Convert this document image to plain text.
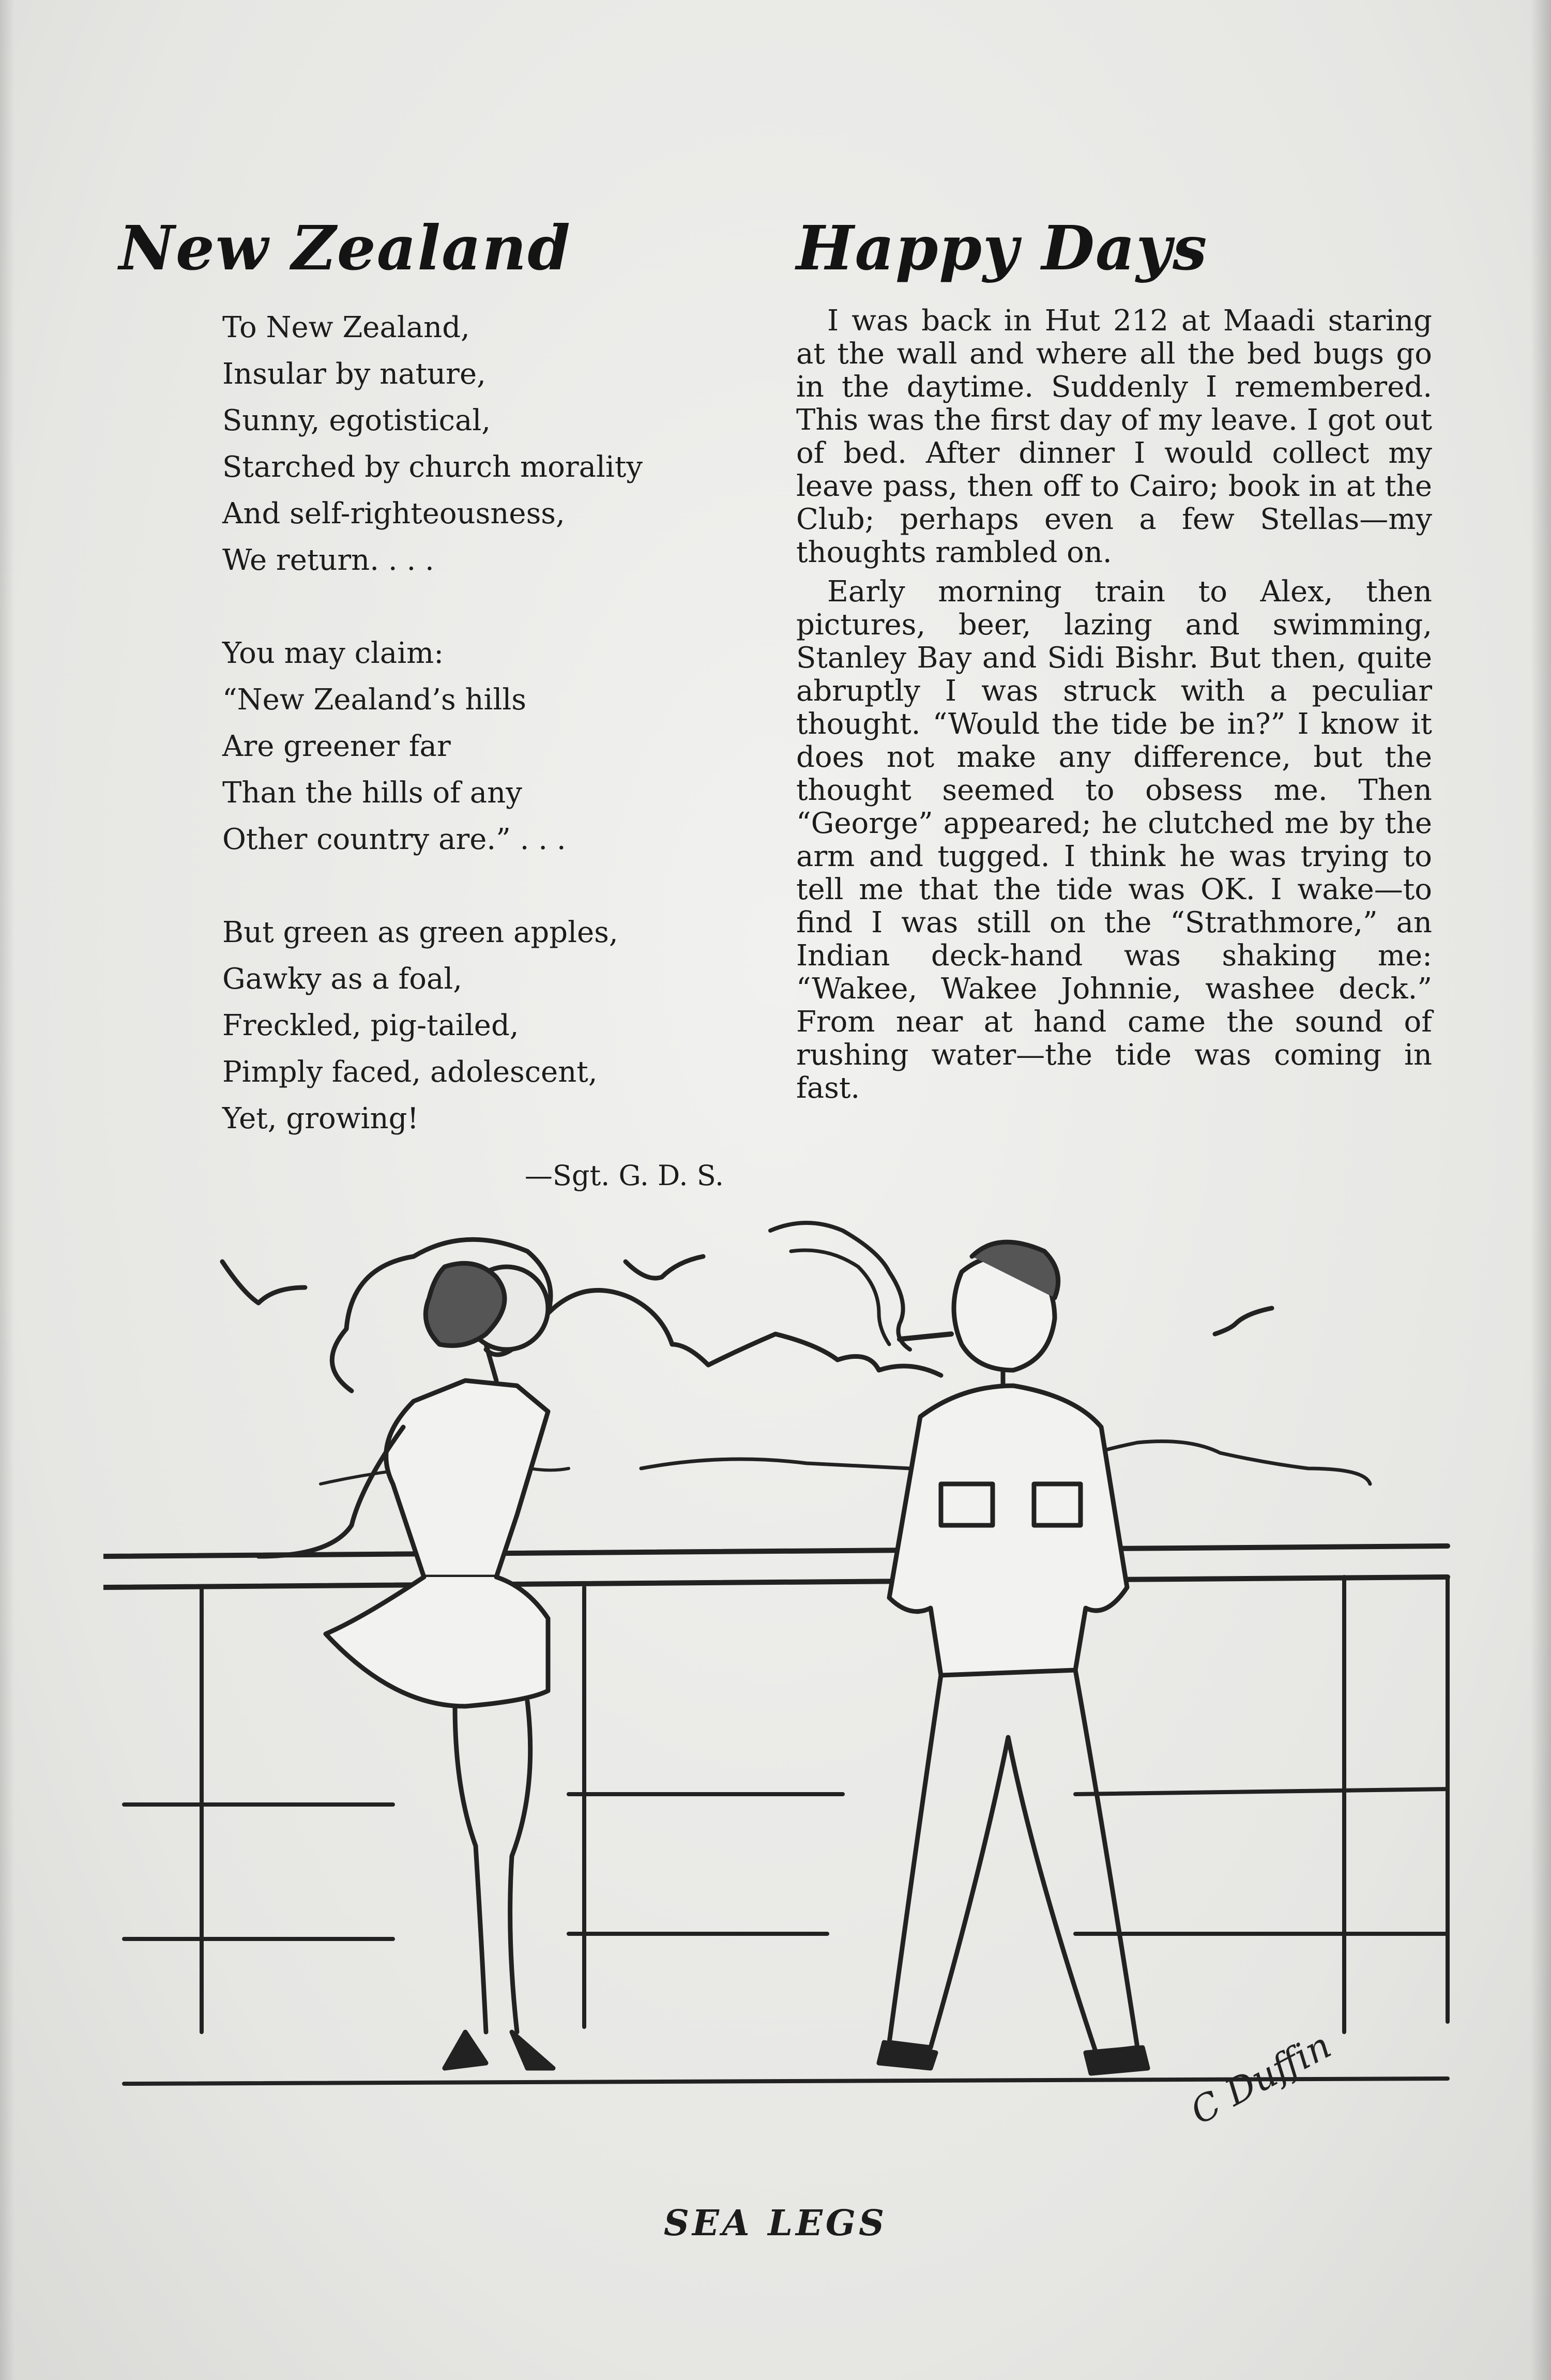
New Zealand
To New Zealand,
Insular by nature,
Sunny, egotistical,
Starched by church morality
And self-righteousness,
We return. . . .
You may claim:
“New Zealand’s hills
Are greener far
Than the hills of any
Other country are.” . . .
But green as green apples,
Gawky as a foal,
Freckled, pig-tailed,
Pimply faced, adolescent,
Yet, growing!
—Sgt. G. D. S.
Happy Days

I was back in Hut 212 at Maadi staring at the wall and where all the bed bugs go in the daytime. Suddenly I remembered. This was the first day of my leave. I got out of bed. After dinner I would collect my leave pass, then off to Cairo; book in at the Club; perhaps even a few Stellas—my thoughts rambled on.

Early morning train to Alex, then pictures, beer, lazing and swimming, Stanley Bay and Sidi Bishr. But then, quite abruptly I was struck with a peculiar thought. “Would the tide be in?” I know it does not make any difference, but the thought seemed to obsess me. Then “George” appeared; he clutched me by the arm and tugged. I think he was trying to tell me that the tide was OK. I wake—to find I was still on the “Strathmore,” an Indian deck-hand was shaking me: “Wakee, Wakee Johnnie, washee deck.” From near at hand came the sound of rushing water—the tide was coming in fast.

C Duffin
SEA LEGS
